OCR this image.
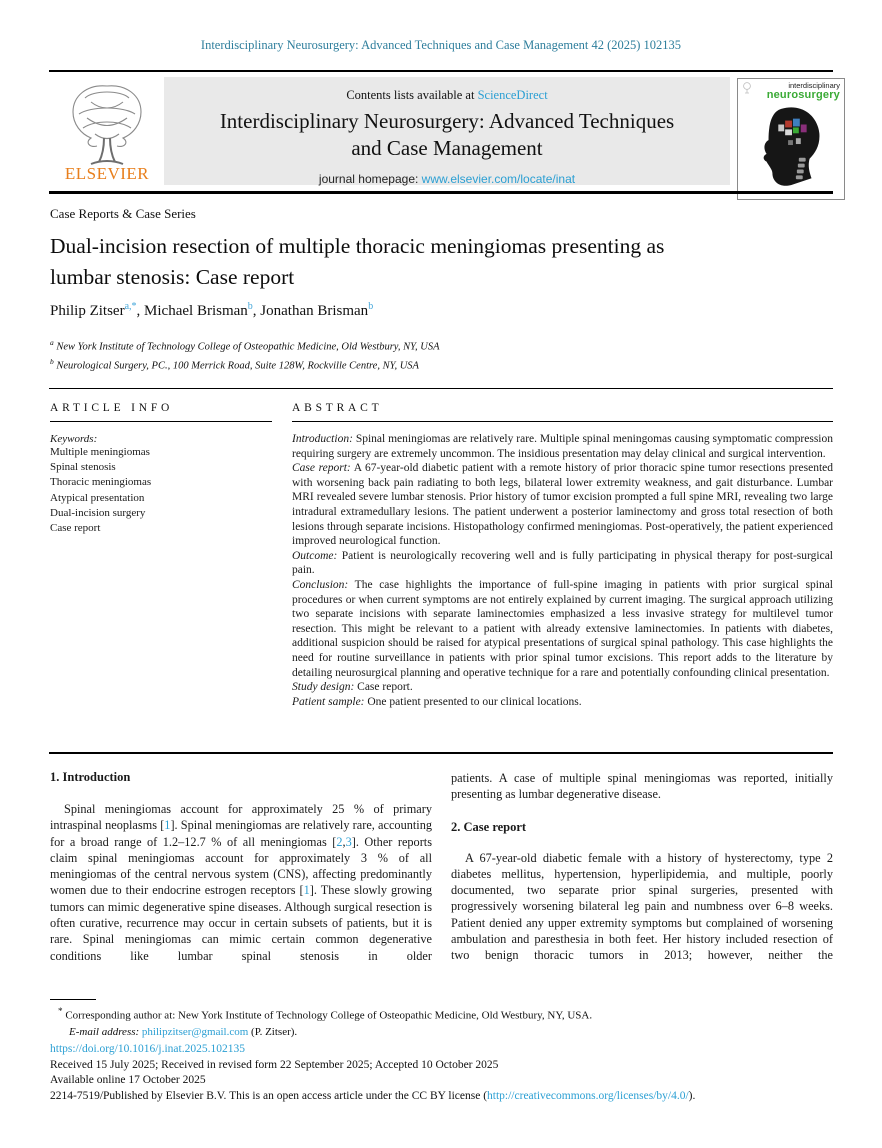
Interdisciplinary Neurosurgery: Advanced Techniques and Case Management 42 (2025) 102135
ELSEVIER
Contents lists available at ScienceDirect
Interdisciplinary Neurosurgery: Advanced Techniques
and Case Management
journal homepage: www.elsevier.com/locate/inat
interdisciplinary
neurosurgery
Case Reports & Case Series
Dual-incision resection of multiple thoracic meningiomas presenting as
lumbar stenosis: Case report
Philip Zitser$^{a,*}$, Michael Brisman$^b$, Jonathan Brisman$^b$
$^a$ New York Institute of Technology College of Osteopathic Medicine, Old Westbury, NY, USA
$^b$ Neurological Surgery, PC., 100 Merrick Road, Suite 128W, Rockville Centre, NY, USA
ARTICLE INFO
Keywords:
Multiple meningiomas
Spinal stenosis
Thoracic meningiomas
Atypical presentation
Dual-incision surgery
Case report
ABSTRACT

Introduction: Spinal meningiomas are relatively rare. Multiple spinal meningomas causing symptomatic compression requiring surgery are extremely uncommon. The insidious presentation may delay clinical and surgical intervention.

Case report: A 67-year-old diabetic patient with a remote history of prior thoracic spine tumor resections presented with worsening back pain radiating to both legs, bilateral lower extremity weakness, and gait disturbance. Lumbar MRI revealed severe lumbar stenosis. Prior history of tumor excision prompted a full spine MRI, revealing two large intradural extramedullary lesions. The patient underwent a posterior laminectomy and gross total resection of both lesions through separate incisions. Histopathology confirmed meningiomas. Post-operatively, the patient experienced improved neurological function.

Outcome: Patient is neurologically recovering well and is fully participating in physical therapy for post-surgical pain.

Conclusion: The case highlights the importance of full-spine imaging in patients with prior surgical spinal procedures or when current symptoms are not entirely explained by current imaging. The surgical approach utilizing two separate incisions with separate laminectomies emphasized a less invasive strategy for multilevel tumor resection. This might be relevant to a patient with already extensive laminectomies. In patients with diabetes, additional suspicion should be raised for atypical presentations of surgical spinal pathology. This case highlights the need for routine surveillance in patients with prior spinal tumor excisions. This report adds to the literature by detailing neurosurgical planning and operative technique for a rare and potentially confounding clinical presentation.

Study design: Case report.

Patient sample: One patient presented to our clinical locations.

1. Introduction

Spinal meningiomas account for approximately 25 % of primary intraspinal neoplasms [1]. Spinal meningiomas are relatively rare, accounting for a broad range of 1.2–12.7 % of all meningiomas [2,3]. Other reports claim spinal meningiomas account for approximately 3 % of all meningiomas of the central nervous system (CNS), affecting predominantly women due to their endocrine estrogen receptors [1]. These slowly growing tumors can mimic degenerative spine diseases. Although surgical resection is often curative, recurrence may occur in certain subsets of patients, but it is rare. Spinal meningiomas can mimic certain common degenerative conditions like lumbar spinal stenosis in older

patients. A case of multiple spinal meningiomas was reported, initially presenting as lumbar degenerative disease.

2. Case report

A 67-year-old diabetic female with a history of hysterectomy, type 2 diabetes mellitus, hypertension, hyperlipidemia, and multiple, poorly documented, two separate prior spinal surgeries, presented with progressively worsening bilateral leg pain and numbness over 6–8 weeks. Patient denied any upper extremity symptoms but complained of worsening ambulation and paresthesia in both feet. Her history included resection of two benign thoracic tumors in 2013; however, neither the

* Corresponding author at: New York Institute of Technology College of Osteopathic Medicine, Old Westbury, NY, USA.
E-mail address: philipzitser@gmail.com (P. Zitser).
https://doi.org/10.1016/j.inat.2025.102135
Received 15 July 2025; Received in revised form 22 September 2025; Accepted 10 October 2025
Available online 17 October 2025
2214-7519/Published by Elsevier B.V. This is an open access article under the CC BY license (http://creativecommons.org/licenses/by/4.0/).
